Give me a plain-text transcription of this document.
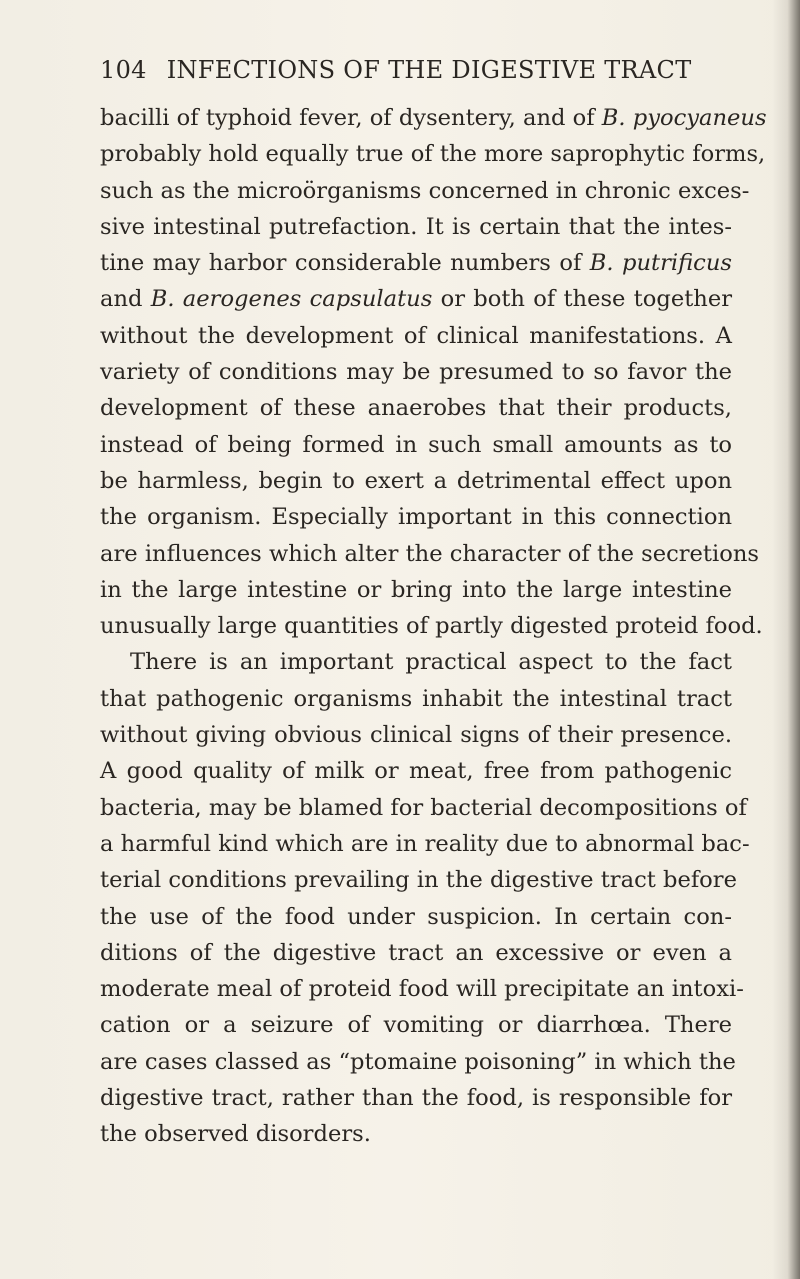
104 INFECTIONS OF THE DIGESTIVE TRACT
bacilli of typhoid fever, of dysentery, and of B. pyocyaneus
probably hold equally true of the more saprophytic forms,
such as the microörganisms concerned in chronic exces-
sive intestinal putrefaction. It is certain that the intes-
tine may harbor considerable numbers of B. putrificus
and B. aerogenes capsulatus or both of these together
without the development of clinical manifestations. A
variety of conditions may be presumed to so favor the
development of these anaerobes that their products,
instead of being formed in such small amounts as to
be harmless, begin to exert a detrimental effect upon
the organism. Especially important in this connection
are influences which alter the character of the secretions
in the large intestine or bring into the large intestine
unusually large quantities of partly digested proteid food.
There is an important practical aspect to the fact
that pathogenic organisms inhabit the intestinal tract
without giving obvious clinical signs of their presence.
A good quality of milk or meat, free from pathogenic
bacteria, may be blamed for bacterial decompositions of
a harmful kind which are in reality due to abnormal bac-
terial conditions prevailing in the digestive tract before
the use of the food under suspicion. In certain con-
ditions of the digestive tract an excessive or even a
moderate meal of proteid food will precipitate an intoxi-
cation or a seizure of vomiting or diarrhœa. There
are cases classed as “ptomaine poisoning” in which the
digestive tract, rather than the food, is responsible for
the observed disorders.
